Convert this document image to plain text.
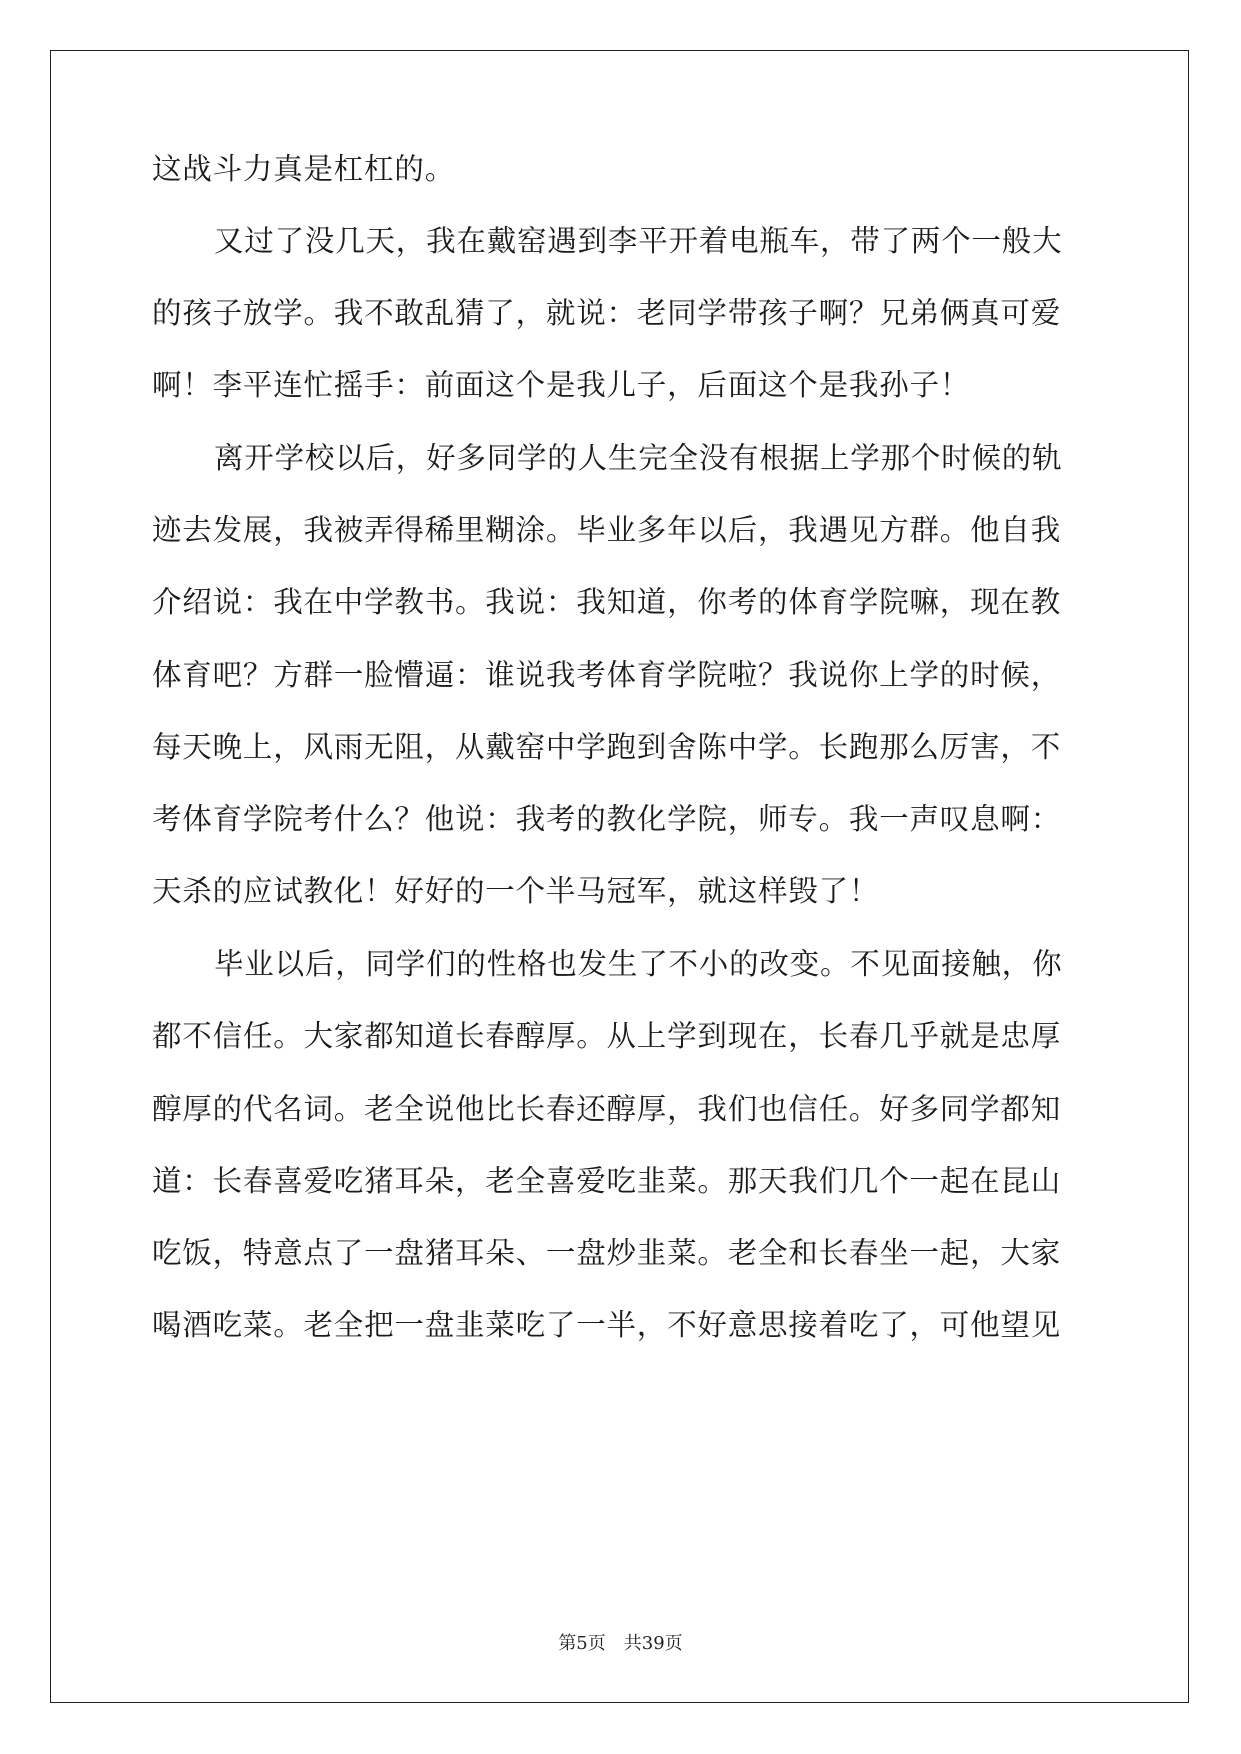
这战斗力真是杠杠的。
又过了没几天，我在戴窑遇到李平开着电瓶车，带了两个一般大
的孩子放学。我不敢乱猜了，就说：老同学带孩子啊？兄弟俩真可爱
啊！李平连忙摇手：前面这个是我儿子，后面这个是我孙子！
离开学校以后，好多同学的人生完全没有根据上学那个时候的轨
迹去发展，我被弄得稀里糊涂。毕业多年以后，我遇见方群。他自我
介绍说：我在中学教书。我说：我知道，你考的体育学院嘛，现在教
体育吧？方群一脸懵逼：谁说我考体育学院啦？我说你上学的时候，
每天晚上，风雨无阻，从戴窑中学跑到舍陈中学。长跑那么厉害，不
考体育学院考什么？他说：我考的教化学院，师专。我一声叹息啊：
天杀的应试教化！好好的一个半马冠军，就这样毁了！
毕业以后，同学们的性格也发生了不小的改变。不见面接触，你
都不信任。大家都知道长春醇厚。从上学到现在，长春几乎就是忠厚
醇厚的代名词。老全说他比长春还醇厚，我们也信任。好多同学都知
道：长春喜爱吃猪耳朵，老全喜爱吃韭菜。那天我们几个一起在昆山
吃饭，特意点了一盘猪耳朵、一盘炒韭菜。老全和长春坐一起，大家
喝酒吃菜。老全把一盘韭菜吃了一半，不好意思接着吃了，可他望见
第5页 共39页
